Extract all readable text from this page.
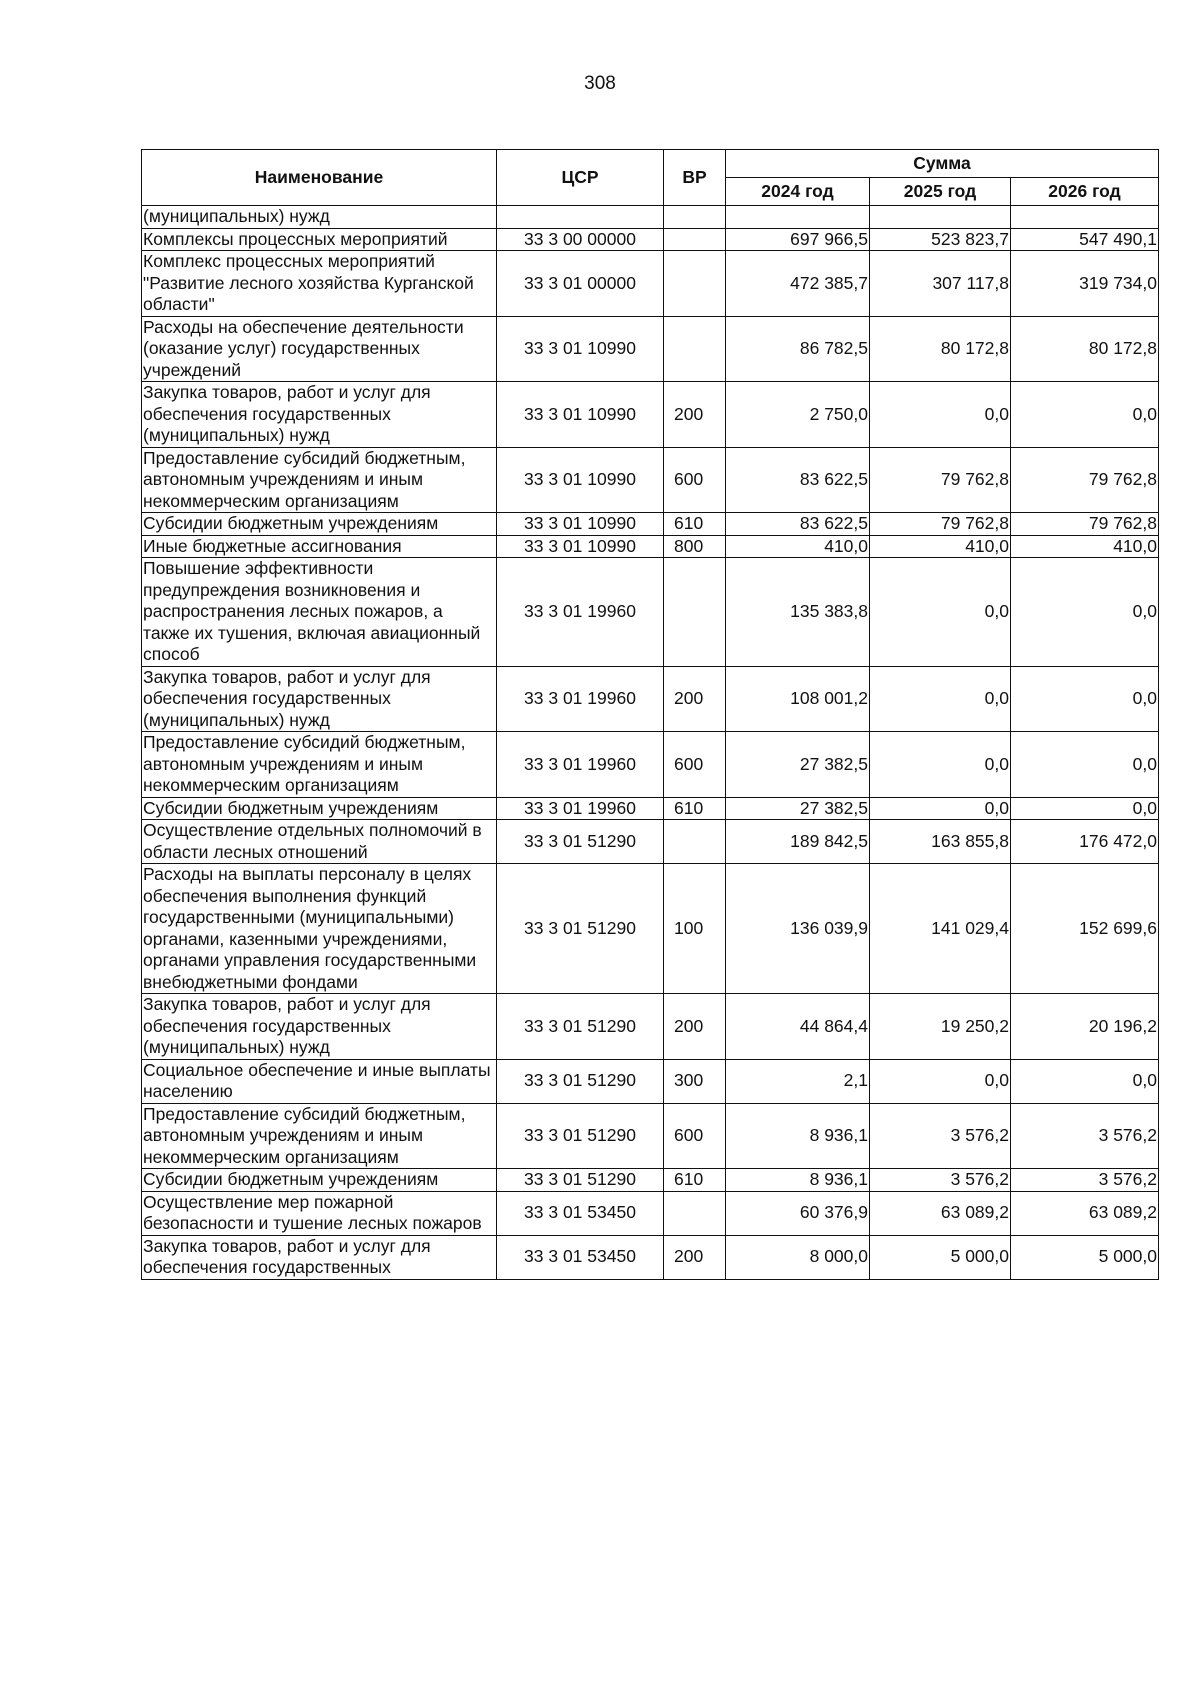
308
Наименование	ЦСР	ВР	Сумма		
			2024 год	2025 год	2026 год
(муниципальных) нужд					
Комплексы процессных мероприятий	33 3 00 00000		697 966,5	523 823,7	547 490,1
Комплекс процессных мероприятий "Развитие лесного хозяйства Курганской области"	33 3 01 00000		472 385,7	307 117,8	319 734,0
Расходы на обеспечение деятельности (оказание услуг) государственных учреждений	33 3 01 10990		86 782,5	80 172,8	80 172,8
Закупка товаров, работ и услуг для обеспечения государственных (муниципальных) нужд	33 3 01 10990	200	2 750,0	0,0	0,0
Предоставление субсидий бюджетным, автономным учреждениям и иным некоммерческим организациям	33 3 01 10990	600	83 622,5	79 762,8	79 762,8
Субсидии бюджетным учреждениям	33 3 01 10990	610	83 622,5	79 762,8	79 762,8
Иные бюджетные ассигнования	33 3 01 10990	800	410,0	410,0	410,0
Повышение эффективности предупреждения возникновения и распространения лесных пожаров, а также их тушения, включая авиационный способ	33 3 01 19960		135 383,8	0,0	0,0
Закупка товаров, работ и услуг для обеспечения государственных (муниципальных) нужд	33 3 01 19960	200	108 001,2	0,0	0,0
Предоставление субсидий бюджетным, автономным учреждениям и иным некоммерческим организациям	33 3 01 19960	600	27 382,5	0,0	0,0
Субсидии бюджетным учреждениям	33 3 01 19960	610	27 382,5	0,0	0,0
Осуществление отдельных полномочий в области лесных отношений	33 3 01 51290		189 842,5	163 855,8	176 472,0
Расходы на выплаты персоналу в целях обеспечения выполнения функций государственными (муниципальными) органами, казенными учреждениями, органами управления государственными внебюджетными фондами	33 3 01 51290	100	136 039,9	141 029,4	152 699,6
Закупка товаров, работ и услуг для обеспечения государственных (муниципальных) нужд	33 3 01 51290	200	44 864,4	19 250,2	20 196,2
Социальное обеспечение и иные выплаты населению	33 3 01 51290	300	2,1	0,0	0,0
Предоставление субсидий бюджетным, автономным учреждениям и иным некоммерческим организациям	33 3 01 51290	600	8 936,1	3 576,2	3 576,2
Субсидии бюджетным учреждениям	33 3 01 51290	610	8 936,1	3 576,2	3 576,2
Осуществление мер пожарной безопасности и тушение лесных пожаров	33 3 01 53450		60 376,9	63 089,2	63 089,2
Закупка товаров, работ и услуг для обеспечения государственных	33 3 01 53450	200	8 000,0	5 000,0	5 000,0
